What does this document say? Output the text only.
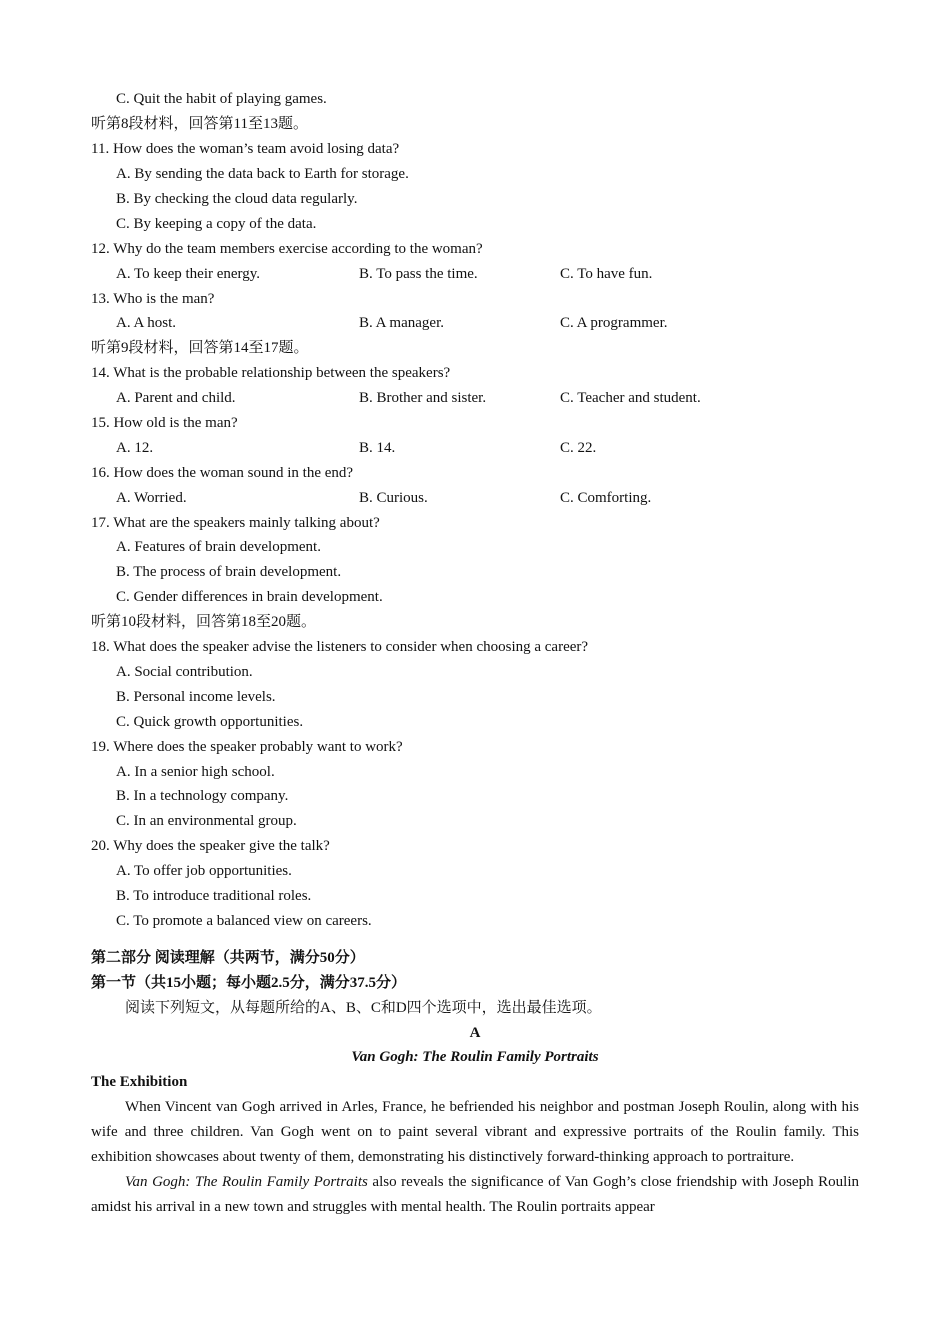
C. Quit the habit of playing games.
听第8段材料，回答第11至13题。
11. How does the woman’s team avoid losing data?
A. By sending the data back to Earth for storage.
B. By checking the cloud data regularly.
C. By keeping a copy of the data.
12. Why do the team members exercise according to the woman?
A. To keep their energy.	B. To pass the time.	C. To have fun.
13. Who is the man?
A. A host.	B. A manager.	C. A programmer.
听第9段材料，回答第14至17题。
14. What is the probable relationship between the speakers?
A. Parent and child.	B. Brother and sister.	C. Teacher and student.
15. How old is the man?
A. 12.	B. 14.	C. 22.
16. How does the woman sound in the end?
A. Worried.	B. Curious.	C. Comforting.
17. What are the speakers mainly talking about?
A. Features of brain development.
B. The process of brain development.
C. Gender differences in brain development.
听第10段材料，回答第18至20题。
18. What does the speaker advise the listeners to consider when choosing a career?
A. Social contribution.
B. Personal income levels.
C. Quick growth opportunities.
19. Where does the speaker probably want to work?
A. In a senior high school.
B. In a technology company.
C. In an environmental group.
20. Why does the speaker give the talk?
A. To offer job opportunities.
B. To introduce traditional roles.
C. To promote a balanced view on careers.
第二部分 阅读理解（共两节，满分50分）
第一节（共15小题；每小题2.5分，满分37.5分）
阅读下列短文，从每题所给的A、B、C和D四个选项中，选出最佳选项。
A
Van Gogh: The Roulin Family Portraits
The Exhibition

When Vincent van Gogh arrived in Arles, France, he befriended his neighbor and postman Joseph Roulin, along with his wife and three children. Van Gogh went on to paint several vibrant and expressive portraits of the Roulin family. This exhibition showcases about twenty of them, demonstrating his distinctively forward-thinking approach to portraiture.

Van Gogh: The Roulin Family Portraits also reveals the significance of Van Gogh’s close friendship with Joseph Roulin amidst his arrival in a new town and struggles with mental health. The Roulin portraits appear
